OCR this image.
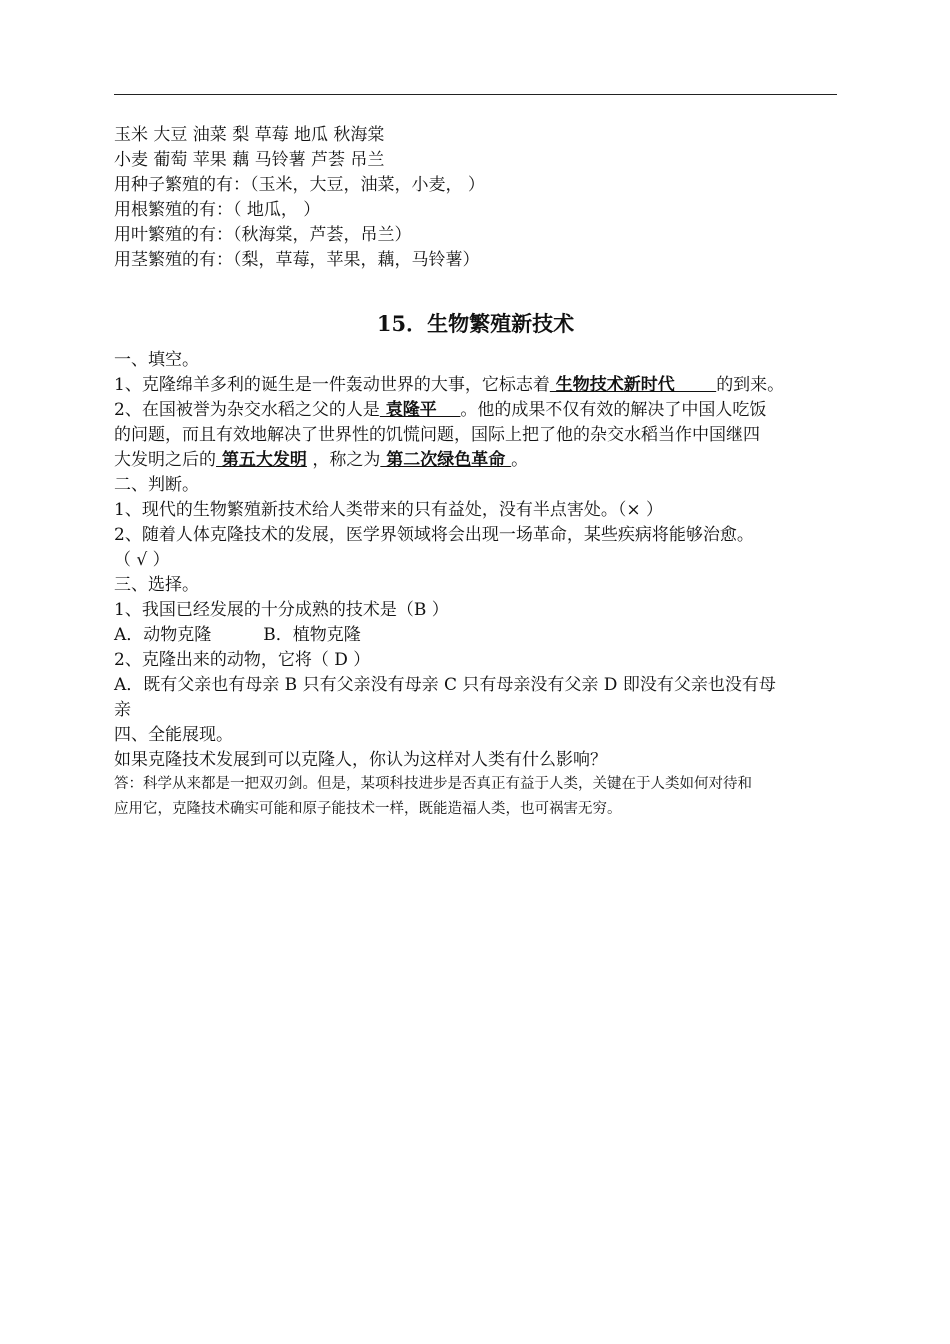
玉米 大豆 油菜 梨 草莓 地瓜 秋海棠
小麦 葡萄 苹果 藕 马铃薯 芦荟 吊兰
用种子繁殖的有：（玉米，大豆，油菜，小麦， ）
用根繁殖的有：（ 地瓜， ）
用叶繁殖的有：（秋海棠，芦荟，吊兰）
用茎繁殖的有：（梨，草莓，苹果，藕，马铃薯）
15．生物繁殖新技术
一、填空。
1、克隆绵羊多利的诞生是一件轰动世界的大事，它标志着 生物技术新时代       的到来。
2、在国被誉为杂交水稻之父的人是 袁隆平    。他的成果不仅有效的解决了中国人吃饭
的问题，而且有效地解决了世界性的饥慌问题，国际上把了他的杂交水稻当作中国继四
大发明之后的 第五大发明 ，称之为 第二次绿色革命 。
二、判断。
1、现代的生物繁殖新技术给人类带来的只有益处，没有半点害处。（× ）
2、随着人体克隆技术的发展，医学界领域将会出现一场革命，某些疾病将能够治愈。
（ √ ）
三、选择。
1、我国已经发展的十分成熟的技术是（B ）
A．动物克隆	B．植物克隆
2、克隆出来的动物，它将（ D ）
A．既有父亲也有母亲 B 只有父亲没有母亲 C 只有母亲没有父亲 D 即没有父亲也没有母
亲
四、全能展现。
如果克隆技术发展到可以克隆人，你认为这样对人类有什么影响？
答：科学从来都是一把双刃剑。但是，某项科技进步是否真正有益于人类，关键在于人类如何对待和
应用它，克隆技术确实可能和原子能技术一样，既能造福人类，也可祸害无穷。
